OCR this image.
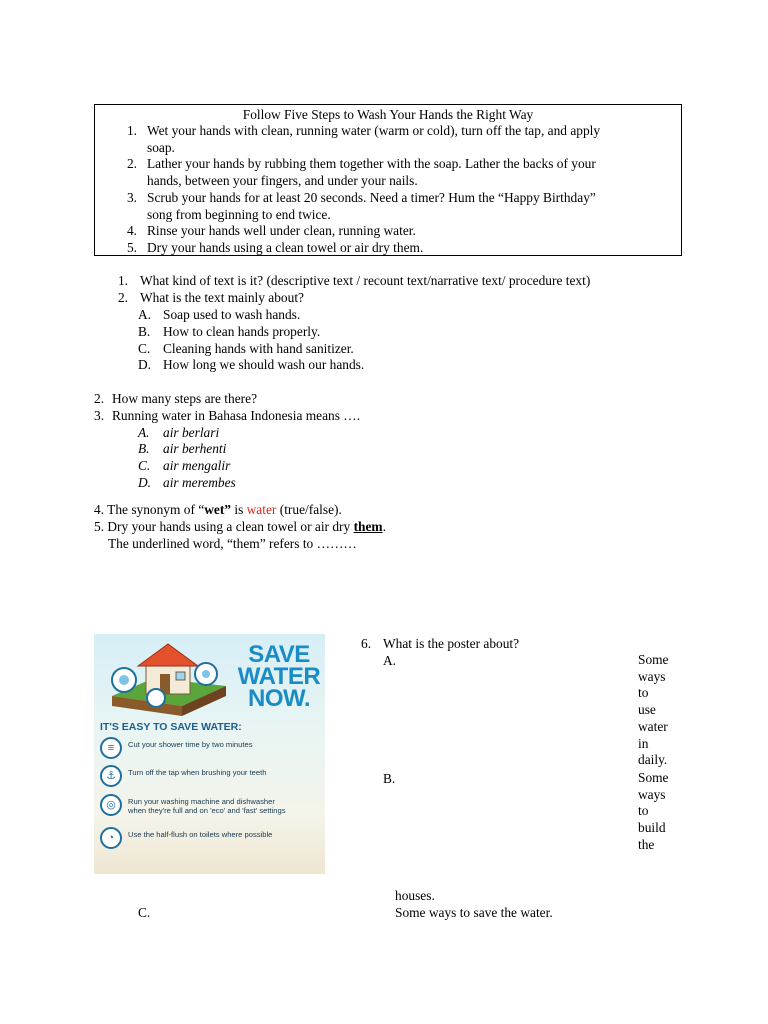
Follow Five Steps to Wash Your Hands the Right Way
1. Wet your hands with clean, running water (warm or cold), turn off the tap, and apply
soap.
2. Lather your hands by rubbing them together with the soap. Lather the backs of your
hands, between your fingers, and under your nails.
3. Scrub your hands for at least 20 seconds. Need a timer? Hum the “Happy Birthday”
song from beginning to end twice.
4. Rinse your hands well under clean, running water.
5. Dry your hands using a clean towel or air dry them.
1. What kind of text is it? (descriptive text / recount text/narrative text/ procedure text)
2. What is the text mainly about?
A. Soap used to wash hands.
B. How to clean hands properly.
C. Cleaning hands with hand sanitizer.
D. How long we should wash our hands.
2. How many steps are there?
3. Running water in Bahasa Indonesia means ….
A. air berlari
B. air berhenti
C. air mengalir
D. air merembes
4. The synonym of “wet” is water (true/false).
5. Dry your hands using a clean towel or air dry them.
The underlined word, “them” refers to ………
SAVE
WATER
NOW.
IT'S EASY TO SAVE WATER:
≡	Cut your shower time by two minutes
⚓	Turn off the tap when brushing your teeth
◎	Run your washing machine and dishwasher
when they're full and on 'eco' and 'fast' settings
◔	Use the half-flush on toilets where possible
6. What is the poster about?
A.	Some
ways
to
use
water
in
daily.
B.	Some
ways
to
build
the
houses.
C.	Some ways to save the water.
